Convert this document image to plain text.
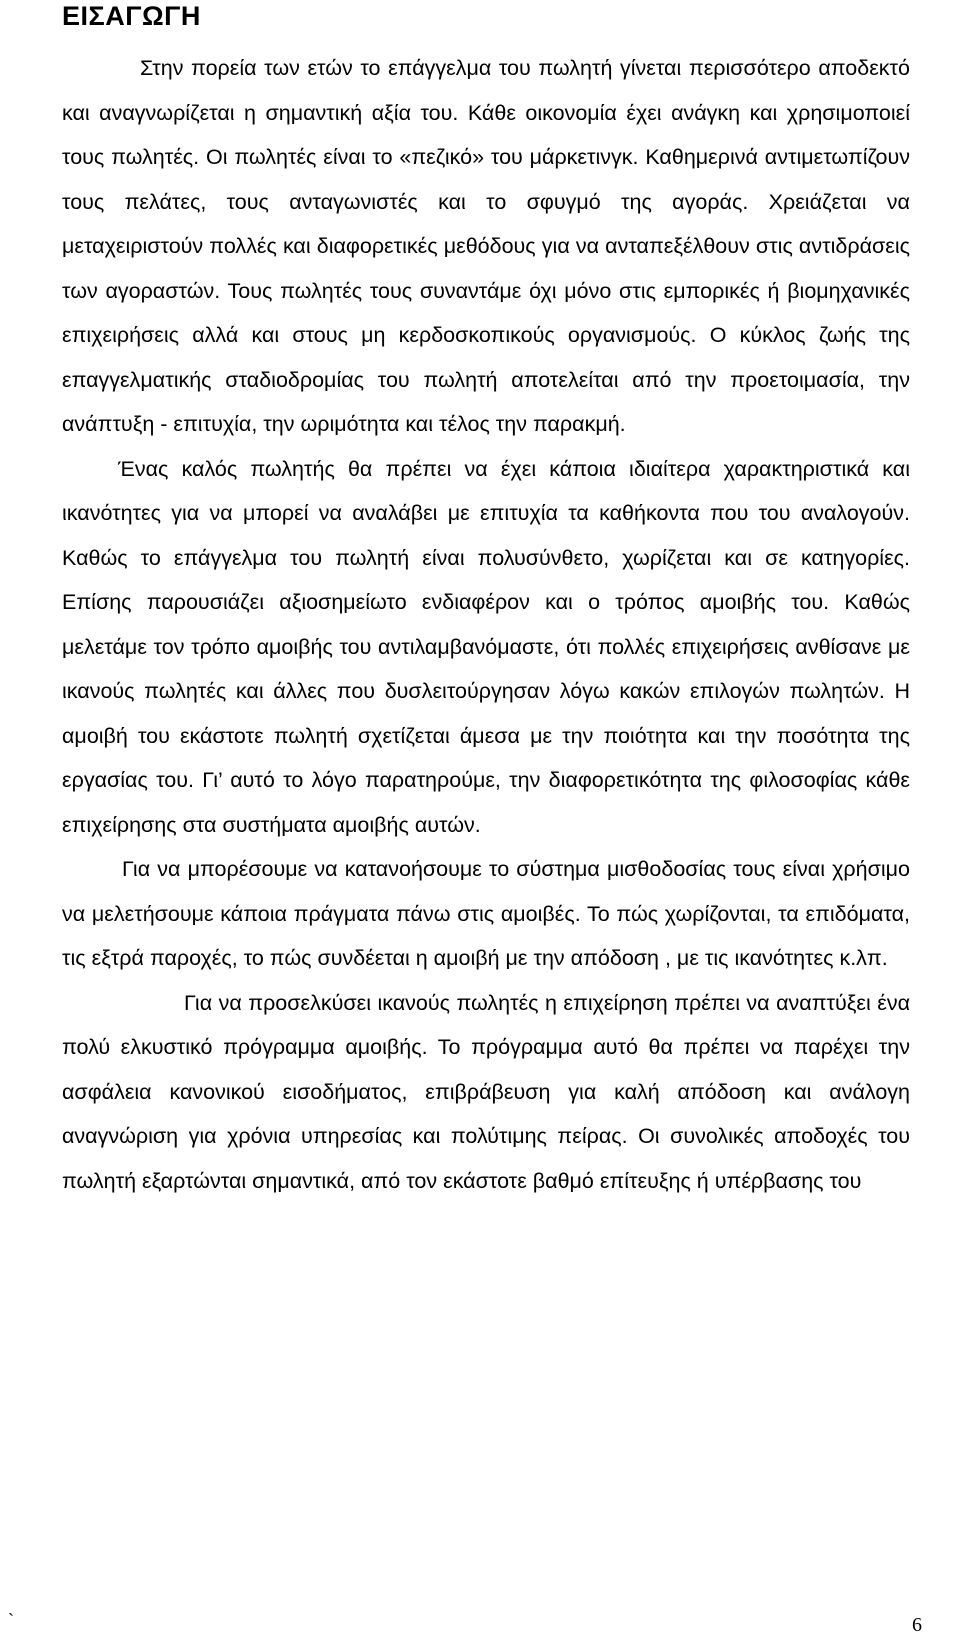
ΕΙΣΑΓΩΓΗ

Στην πορεία των ετών το επάγγελμα του πωλητή γίνεται περισσότερο αποδεκτό και αναγνωρίζεται η σημαντική αξία του. Κάθε οικονομία έχει ανάγκη και χρησιμοποιεί τους πωλητές. Οι πωλητές είναι το «πεζικό» του μάρκετινγκ. Καθημερινά αντιμετωπίζουν τους πελάτες, τους ανταγωνιστές και το σφυγμό της αγοράς. Χρειάζεται να μεταχειριστούν πολλές και διαφορετικές μεθόδους για να ανταπεξέλθουν στις αντιδράσεις των αγοραστών. Τους πωλητές τους συναντάμε όχι μόνο στις εμπορικές ή βιομηχανικές επιχειρήσεις αλλά και στους μη κερδοσκοπικούς οργανισμούς. Ο κύκλος ζωής της επαγγελματικής σταδιοδρομίας του πωλητή αποτελείται από την προετοιμασία, την ανάπτυξη - επιτυχία, την ωριμότητα και τέλος την παρακμή.

Ένας καλός πωλητής θα πρέπει να έχει κάποια ιδιαίτερα χαρακτηριστικά και ικανότητες για να μπορεί να αναλάβει με επιτυχία τα καθήκοντα που του αναλογούν. Καθώς το επάγγελμα του πωλητή είναι πολυσύνθετο, χωρίζεται και σε κατηγορίες. Επίσης παρουσιάζει αξιοσημείωτο ενδιαφέρον και ο τρόπος αμοιβής του. Καθώς μελετάμε τον τρόπο αμοιβής του αντιλαμβανόμαστε, ότι πολλές επιχειρήσεις ανθίσανε με ικανούς πωλητές και άλλες που δυσλειτούργησαν λόγω κακών επιλογών πωλητών. Η αμοιβή του εκάστοτε πωλητή σχετίζεται άμεσα με την ποιότητα και την ποσότητα της εργασίας του. Γι’ αυτό το λόγο παρατηρούμε, την διαφορετικότητα της φιλοσοφίας κάθε επιχείρησης στα συστήματα αμοιβής αυτών.

Για να μπορέσουμε να κατανοήσουμε το σύστημα μισθοδοσίας τους είναι χρήσιμο να μελετήσουμε κάποια πράγματα πάνω στις αμοιβές. Το πώς χωρίζονται, τα επιδόματα, τις εξτρά παροχές, το πώς συνδέεται η αμοιβή με την απόδοση , με τις ικανότητες κ.λπ.

Για να προσελκύσει ικανούς πωλητές η επιχείρηση πρέπει να αναπτύξει ένα πολύ ελκυστικό πρόγραμμα αμοιβής. Το πρόγραμμα αυτό θα πρέπει να παρέχει την ασφάλεια κανονικού εισοδήματος, επιβράβευση για καλή απόδοση και ανάλογη αναγνώριση για χρόνια υπηρεσίας και πολύτιμης πείρας. Οι συνολικές αποδοχές του πωλητή εξαρτώνται σημαντικά, από τον εκάστοτε βαθμό επίτευξης ή υπέρβασης του

`	6
